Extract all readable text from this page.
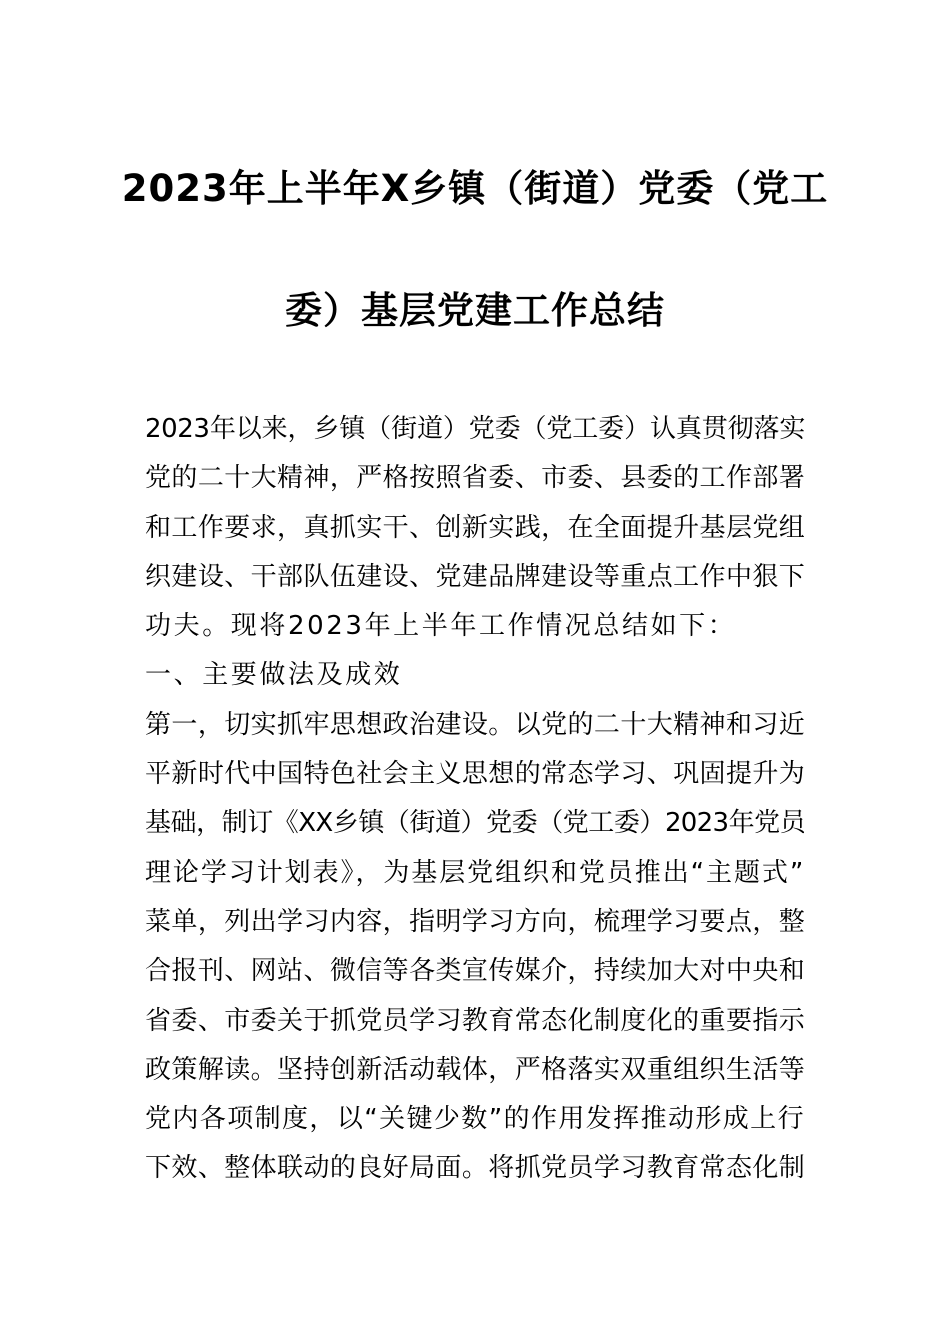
2023年上半年X乡镇（街道）党委（党工
委）基层党建工作总结
2023年以来，乡镇（街道）党委（党工委）认真贯彻落实
党的二十大精神，严格按照省委、市委、县委的工作部署
和工作要求，真抓实干、创新实践，在全面提升基层党组
织建设、干部队伍建设、党建品牌建设等重点工作中狠下
功夫。现将2023年上半年工作情况总结如下：
一、主要做法及成效
第一，切实抓牢思想政治建设。以党的二十大精神和习近
平新时代中国特色社会主义思想的常态学习、巩固提升为
基础，制订《XX乡镇（街道）党委（党工委）2023年党员
理论学习计划表》，为基层党组织和党员推出“主题式”
菜单，列出学习内容，指明学习方向，梳理学习要点，整
合报刊、网站、微信等各类宣传媒介，持续加大对中央和
省委、市委关于抓党员学习教育常态化制度化的重要指示
政策解读。坚持创新活动载体，严格落实双重组织生活等
党内各项制度，以“关键少数”的作用发挥推动形成上行
下效、整体联动的良好局面。将抓党员学习教育常态化制
